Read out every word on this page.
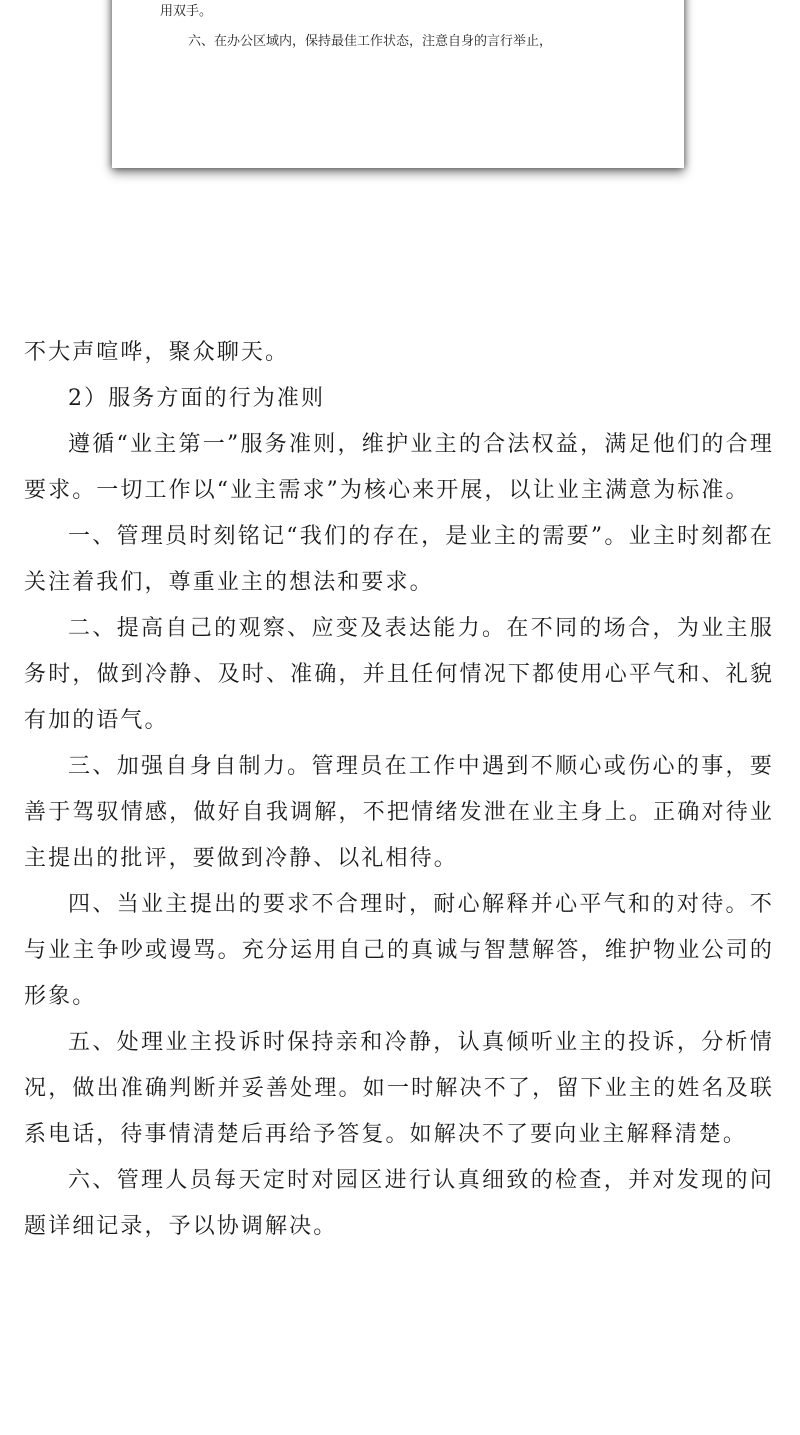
用双手。
六、在办公区域内，保持最佳工作状态，注意自身的言行举止，

不大声喧哗，聚众聊天。

2）服务方面的行为准则

遵循“业主第一”服务准则，维护业主的合法权益，满足他们的合理要求。一切工作以“业主需求”为核心来开展，以让业主满意为标准。

一、管理员时刻铭记“我们的存在，是业主的需要”。业主时刻都在关注着我们，尊重业主的想法和要求。

二、提高自己的观察、应变及表达能力。在不同的场合，为业主服务时，做到冷静、及时、准确，并且任何情况下都使用心平气和、礼貌有加的语气。

三、加强自身自制力。管理员在工作中遇到不顺心或伤心的事，要善于驾驭情感，做好自我调解，不把情绪发泄在业主身上。正确对待业主提出的批评，要做到冷静、以礼相待。

四、当业主提出的要求不合理时，耐心解释并心平气和的对待。不与业主争吵或谩骂。充分运用自己的真诚与智慧解答，维护物业公司的形象。

五、处理业主投诉时保持亲和冷静，认真倾听业主的投诉，分析情况，做出准确判断并妥善处理。如一时解决不了，留下业主的姓名及联系电话，待事情清楚后再给予答复。如解决不了要向业主解释清楚。

六、管理人员每天定时对园区进行认真细致的检查，并对发现的问题详细记录，予以协调解决。
